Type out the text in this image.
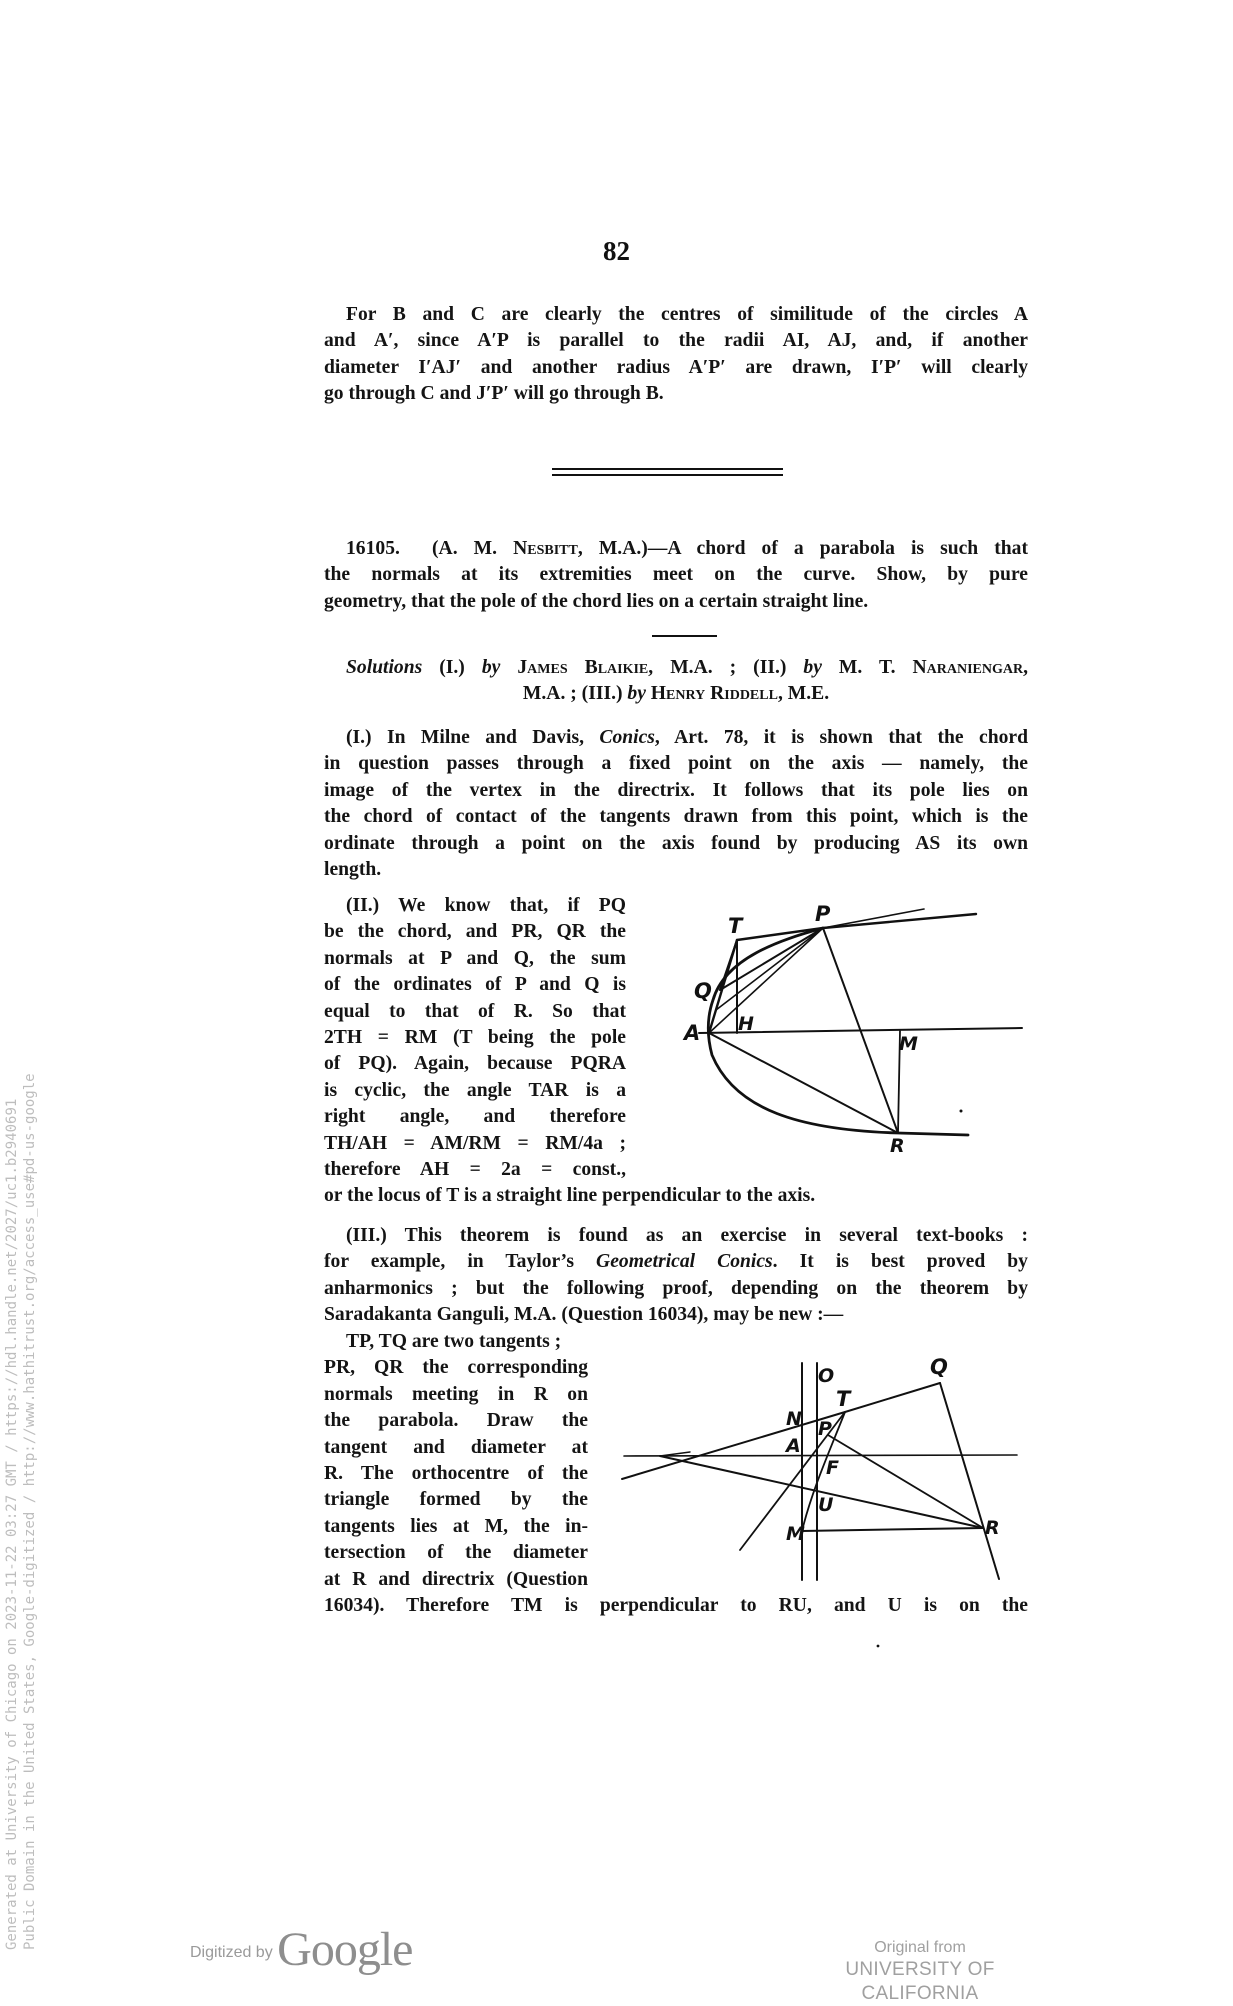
82
For B and C are clearly the centres of similitude of the circles A
and A′, since A′P is parallel to the radii AI, AJ, and, if another
diameter I′AJ′ and another radius A′P′ are drawn, I′P′ will clearly
go through C and J′P′ will go through B.
16105. (A. M. Nesbitt, M.A.)—A chord of a parabola is such that
the normals at its extremities meet on the curve. Show, by pure
geometry, that the pole of the chord lies on a certain straight line.
Solutions (I.) by James Blaikie, M.A. ; (II.) by M. T. Naraniengar,
M.A. ; (III.) by Henry Riddell, M.E.
(I.) In Milne and Davis, Conics, Art. 78, it is shown that the chord
in question passes through a fixed point on the axis — namely, the
image of the vertex in the directrix. It follows that its pole lies on
the chord of contact of the tangents drawn from this point, which is the
ordinate through a point on the axis found by producing AS its own
length.
(II.) We know that, if PQ
be the chord, and PR, QR the
normals at P and Q, the sum
of the ordinates of P and Q is
equal to that of R. So that
2TH = RM (T being the pole
of PQ). Again, because PQRA
is cyclic, the angle TAR is a
right angle, and therefore
TH/AH = AM/RM = RM/4a ;
therefore AH = 2a = const.,
or the locus of T is a straight line perpendicular to the axis.
P
T
Q
A H
M
R
O	Q
T
N P
A
F
U
M	R
(III.) This theorem is found as an exercise in several text-books :
for example, in Taylor’s Geometrical Conics. It is best proved by
anharmonics ; but the following proof, depending on the theorem by
Saradakanta Ganguli, M.A. (Question 16034), may be new :—
TP, TQ are two tangents ;
PR, QR the corresponding
normals meeting in R on
the parabola. Draw the
tangent and diameter at
R. The orthocentre of the
triangle formed by the
tangents lies at M, the in-
tersection of the diameter
at R and directrix (Question
16034). Therefore TM is perpendicular to RU, and U is on the
Generated at University of Chicago on 2023-11-22 03:27 GMT / https://hdl.handle.net/2027/uc1.b2940691 Public Domain in the United States, Google-digitized / http://www.hathitrust.org/access_use#pd-us-google
Digitized by Google	Original from
UNIVERSITY OF CALIFORNIA
